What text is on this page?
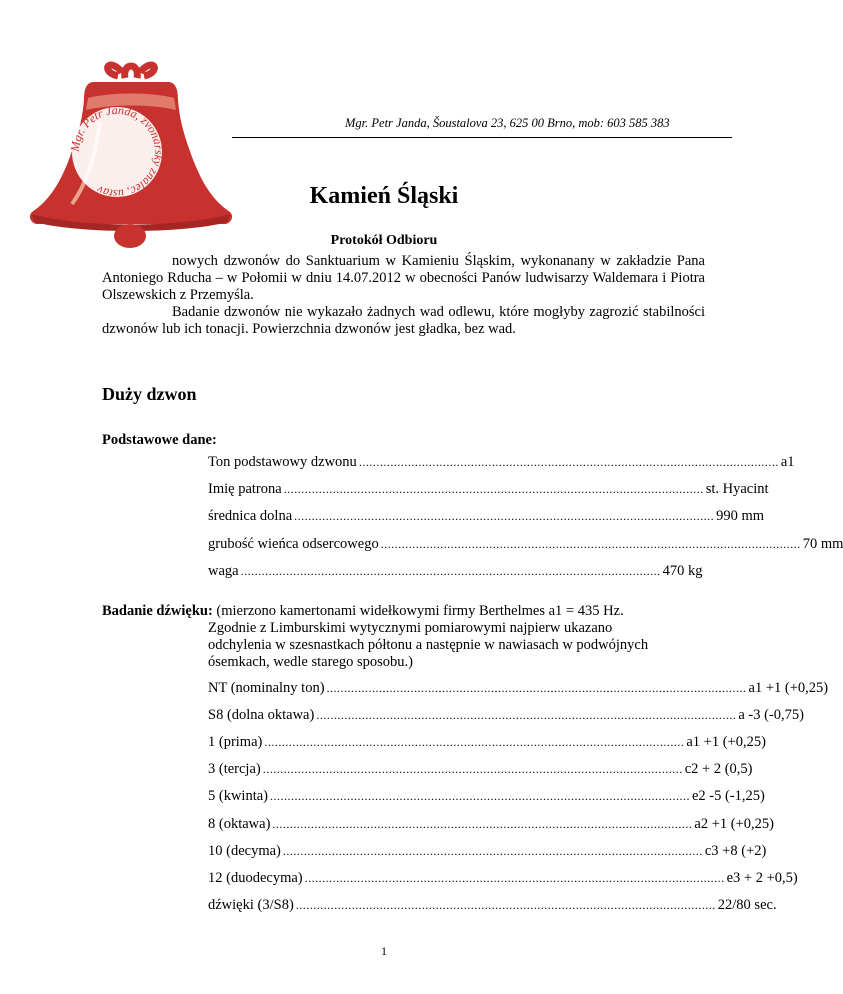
Mgr. Petr Janda, zvonařský znalec, ústav
Mgr. Petr Janda, Šoustalova 23, 625 00 Brno, mob: 603 585 383
Kamień Śląski
Protokół Odbioru
nowych dzwonów do Sanktuarium w Kamieniu Śląskim, wykonanany w zakładzie Pana Antoniego Rducha – w Połomii w dniu 14.07.2012 w obecności Panów ludwisarzy Waldemara i Piotra Olszewskich z Przemyśla.
Badanie dzwonów nie wykazało żadnych wad odlewu, które mogłyby zagrozić stabilności dzwonów lub ich tonacji. Powierzchnia dzwonów jest gładka, bez wad.
Duży dzwon
Podstawowe dane:
Ton podstawowy dzwonu ........................................................................................................................ a1
Imię patrona ........................................................................................................................ st. Hyacint
średnica dolna ........................................................................................................................ 990 mm
grubość wieńca odsercowego ........................................................................................................................ 70 mm
waga ........................................................................................................................ 470 kg
Badanie dźwięku: (mierzono kamertonami widełkowymi firmy Berthelmes a1 = 435 Hz.
Zgodnie z Limburskimi wytycznymi pomiarowymi najpierw ukazano odchylenia w szesnastkach półtonu a następnie w nawiasach w podwójnych ósemkach, wedle starego sposobu.)
NT (nominalny ton) ........................................................................................................................ a1 +1 (+0,25)
S8 (dolna oktawa) ........................................................................................................................ a -3 (-0,75)
1 (prima) ........................................................................................................................ a1 +1 (+0,25)
3 (tercja) ........................................................................................................................ c2 + 2 (0,5)
5 (kwinta) ........................................................................................................................ e2 -5 (-1,25)
8 (oktawa) ........................................................................................................................ a2 +1 (+0,25)
10 (decyma) ........................................................................................................................ c3 +8 (+2)
12 (duodecyma) ........................................................................................................................ e3 + 2 +0,5)
dźwięki (3/S8) ........................................................................................................................ 22/80 sec.
1
